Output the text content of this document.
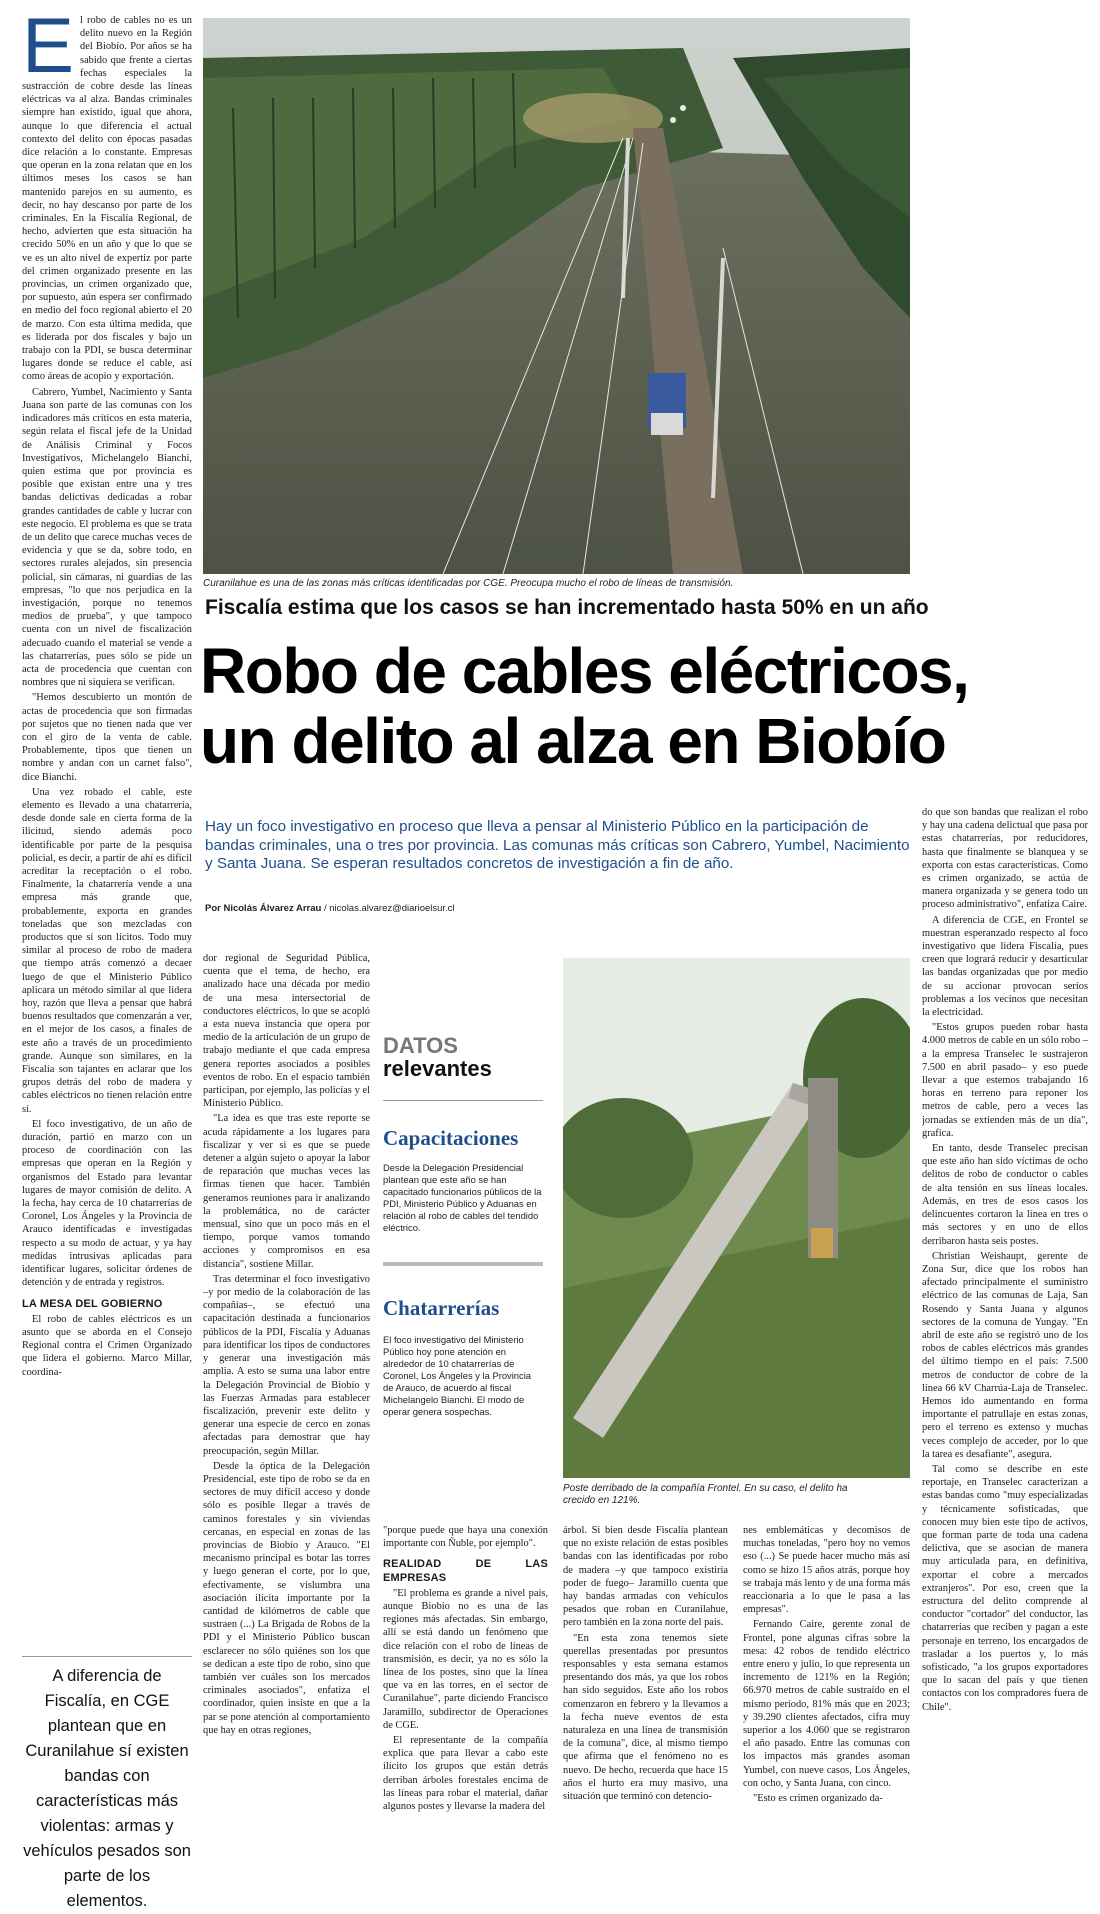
Curanilahue es una de las zonas más críticas identificadas por CGE. Preocupa mucho el robo de líneas de transmisión.
Fiscalía estima que los casos se han incrementado hasta 50% en un año
Robo de cables eléctricos,
un delito al alza en Biobío
Hay un foco investigativo en proceso que lleva a pensar al Ministerio Público en la participación de bandas criminales, una o tres por provincia. Las comunas más críticas son Cabrero, Yumbel, Nacimiento y Santa Juana. Se esperan resultados concretos de investigación a fin de año.
Por Nicolás Álvarez Arrau / nicolas.alvarez@diarioelsur.cl
E l robo de cables no es un delito nuevo en la Región del Biobío. Por años se ha sabido que frente a ciertas fechas especiales la sustracción de cobre desde las líneas eléctricas va al alza. Bandas criminales siempre han existido, igual que ahora, aunque lo que diferencia el actual contexto del delito con épocas pasadas dice relación a lo constante. Empresas que operan en la zona relatan que en los últimos meses los casos se han mantenido parejos en su aumento, es decir, no hay descanso por parte de los criminales. En la Fiscalía Regional, de hecho, advierten que esta situación ha crecido 50% en un año y que lo que se ve es un alto nivel de expertiz por parte del crimen organizado presente en las provincias, un crimen organizado que, por supuesto, aún espera ser confirmado en medio del foco regional abierto el 20 de marzo. Con esta última medida, que es liderada por dos fiscales y bajo un trabajo con la PDI, se busca determinar lugares donde se reduce el cable, así como áreas de acopio y exportación.

Cabrero, Yumbel, Nacimiento y Santa Juana son parte de las comunas con los indicadores más críticos en esta materia, según relata el fiscal jefe de la Unidad de Análisis Criminal y Focos Investigativos, Michelangelo Bianchi, quien estima que por provincia es posible que existan entre una y tres bandas delictivas dedicadas a robar grandes cantidades de cable y lucrar con este negocio. El problema es que se trata de un delito que carece muchas veces de evidencia y que se da, sobre todo, en sectores rurales alejados, sin presencia policial, sin cámaras, ni guardias de las empresas, "lo que nos perjudica en la investigación, porque no tenemos medios de prueba", y que tampoco cuenta con un nivel de fiscalización adecuado cuando el material se vende a las chatarrerías, pues sólo se pide un acta de procedencia que cuentan con nombres que ni siquiera se verifican.

"Hemos descubierto un montón de actas de procedencia que son firmadas por sujetos que no tienen nada que ver con el giro de la venta de cable. Probablemente, tipos que tienen un nombre y andan con un carnet falso", dice Bianchi.

Una vez robado el cable, este elemento es llevado a una chatarrería, desde donde sale en cierta forma de la ilicitud, siendo además poco identificable por parte de la pesquisa policial, es decir, a partir de ahí es difícil acreditar la receptación o el robo. Finalmente, la chatarrería vende a una empresa más grande que, probablemente, exporta en grandes toneladas que son mezcladas con productos que sí son lícitos. Todo muy similar al proceso de robo de madera que tiempo atrás comenzó a decaer luego de que el Ministerio Público aplicara un método similar al que lidera hoy, razón que lleva a pensar que habrá buenos resultados que comenzarán a ver, en el mejor de los casos, a finales de este año a través de un procedimiento grande. Aunque son similares, en la Fiscalía son tajantes en aclarar que los grupos detrás del robo de madera y cables eléctricos no tienen relación entre sí.

El foco investigativo, de un año de duración, partió en marzo con un proceso de coordinación con las empresas que operan en la Región y organismos del Estado para levantar lugares de mayor comisión de delito. A la fecha, hay cerca de 10 chatarrerías de Coronel, Los Ángeles y la Provincia de Arauco identificadas e investigadas respecto a su modo de actuar, y ya hay medidas intrusivas aplicadas para identificar lugares, solicitar órdenes de detención y de entrada y registros.

LA MESA DEL GOBIERNO

El robo de cables eléctricos es un asunto que se aborda en el Consejo Regional contra el Crimen Organizado que lidera el gobierno. Marco Millar, coordina-

A diferencia de Fiscalía, en CGE plantean que en Curanilahue sí existen bandas con características más violentas: armas y vehículos pesados son parte de los elementos.

dor regional de Seguridad Pública, cuenta que el tema, de hecho, era analizado hace una década por medio de una mesa intersectorial de conductores eléctricos, lo que se acopló a esta nueva instancia que opera por medio de la articulación de un grupo de trabajo mediante el que cada empresa genera reportes asociados a posibles eventos de robo. En el espacio también participan, por ejemplo, las policías y el Ministerio Público.

"La idea es que tras este reporte se acuda rápidamente a los lugares para fiscalizar y ver si es que se puede detener a algún sujeto o apoyar la labor de reparación que muchas veces las firmas tienen que hacer. También generamos reuniones para ir analizando la problemática, no de carácter mensual, sino que un poco más en el tiempo, porque vamos tomando acciones y compromisos en esa distancia", sostiene Millar.

Tras determinar el foco investigativo –y por medio de la colaboración de las compañías–, se efectuó una capacitación destinada a funcionarios públicos de la PDI, Fiscalía y Aduanas para identificar los tipos de conductores y generar una investigación más amplia. A esto se suma una labor entre la Delegación Provincial de Biobío y las Fuerzas Armadas para establecer fiscalización, prevenir este delito y generar una especie de cerco en zonas afectadas para demostrar que hay preocupación, según Millar.

Desde la óptica de la Delegación Presidencial, este tipo de robo se da en sectores de muy difícil acceso y donde sólo es posible llegar a través de caminos forestales y sin viviendas cercanas, en especial en zonas de las provincias de Biobío y Arauco. "El mecanismo principal es botar las torres y luego generan el corte, por lo que, efectivamente, se vislumbra una asociación ilícita importante por la cantidad de kilómetros de cable que sustraen (...) La Brigada de Robos de la PDI y el Ministerio Público buscan esclarecer no sólo quiénes son los que se dedican a este tipo de robo, sino que también ver cuáles son los mercados criminales asociados", enfatiza el coordinador, quien insiste en que a la par se pone atención al comportamiento que hay en otras regiones,

DATOS
relevantes
Capacitaciones
Desde la Delegación Presidencial plantean que este año se han capacitado funcionarios públicos de la PDI, Ministerio Público y Aduanas en relación al robo de cables del tendido eléctrico.
Chatarrerías
El foco investigativo del Ministerio Público hoy pone atención en alrededor de 10 chatarrerías de Coronel, Los Ángeles y la Provincia de Arauco, de acuerdo al fiscal Michelangelo Bianchi. El modo de operar genera sospechas.
Poste derribado de la compañía Frontel. En su caso, el delito ha crecido en 121%.

"porque puede que haya una conexión importante con Ñuble, por ejemplo".

REALIDAD DE LAS EMPRESAS

"El problema es grande a nivel país, aunque Biobío no es una de las regiones más afectadas. Sin embargo, allí se está dando un fenómeno que dice relación con el robo de líneas de transmisión, es decir, ya no es sólo la línea de los postes, sino que la línea que va en las torres, en el sector de Curanilahue", parte diciendo Francisco Jaramillo, subdirector de Operaciones de CGE.

El representante de la compañía explica que para llevar a cabo este ilícito los grupos que están detrás derriban árboles forestales encima de las líneas para robar el material, dañar algunos postes y llevarse la madera del

árbol. Si bien desde Fiscalía plantean que no existe relación de estas posibles bandas con las identificadas por robo de madera –y que tampoco existiría poder de fuego– Jaramillo cuenta que hay bandas armadas con vehículos pesados que roban en Curanilahue, pero también en la zona norte del país.

"En esta zona tenemos siete querellas presentadas por presuntos responsables y esta semana estamos presentando dos más, ya que los robos han sido seguidos. Este año los robos comenzaron en febrero y la llevamos a la fecha nueve eventos de esta naturaleza en una línea de transmisión de la comuna", dice, al mismo tiempo que afirma que el fenómeno no es nuevo. De hecho, recuerda que hace 15 años el hurto era muy masivo, una situación que terminó con detencio-

nes emblemáticas y decomisos de muchas toneladas, "pero hoy no vemos eso (...) Se puede hacer mucho más así como se hizo 15 años atrás, porque hoy se trabaja más lento y de una forma más reaccionaria a lo que le pasa a las empresas".

Fernando Caire, gerente zonal de Frontel, pone algunas cifras sobre la mesa: 42 robos de tendido eléctrico entre enero y julio, lo que representa un incremento de 121% en la Región; 66.970 metros de cable sustraído en el mismo período, 81% más que en 2023; y 39.290 clientes afectados, cifra muy superior a los 4.060 que se registraron el año pasado. Entre las comunas con los impactos más grandes asoman Yumbel, con nueve casos, Los Ángeles, con ocho, y Santa Juana, con cinco.

"Esto es crimen organizado da-

do que son bandas que realizan el robo y hay una cadena delictual que pasa por estas chatarrerías, por reducidores, hasta que finalmente se blanquea y se exporta con estas características. Como es crimen organizado, se actúa de manera organizada y se genera todo un proceso administrativo", enfatiza Caire.

A diferencia de CGE, en Frontel se muestran esperanzado respecto al foco investigativo que lidera Fiscalía, pues creen que logrará reducir y desarticular las bandas organizadas que por medio de su accionar provocan serios problemas a los vecinos que necesitan la electricidad.

"Estos grupos pueden robar hasta 4.000 metros de cable en un sólo robo –a la empresa Transelec le sustrajeron 7.500 en abril pasado– y eso puede llevar a que estemos trabajando 16 horas en terreno para reponer los metros de cable, pero a veces las jornadas se extienden más de un día", grafica.

En tanto, desde Transelec precisan que este año han sido víctimas de ocho delitos de robo de conductor o cables de alta tensión en sus líneas locales. Además, en tres de esos casos los delincuentes cortaron la línea en tres o más sectores y en uno de ellos derribaron hasta seis postes.

Christian Weishaupt, gerente de Zona Sur, dice que los robos han afectado principalmente el suministro eléctrico de las comunas de Laja, San Rosendo y Santa Juana y algunos sectores de la comuna de Yungay. "En abril de este año se registró uno de los robos de cables eléctricos más grandes del último tiempo en el país: 7.500 metros de conductor de cobre de la línea 66 kV Charrúa-Laja de Transelec. Hemos ido aumentando en forma importante el patrullaje en estas zonas, pero el terreno es extenso y muchas veces complejo de acceder, por lo que la tarea es desafiante", asegura.

Tal como se describe en este reportaje, en Transelec caracterizan a estas bandas como "muy especializadas y técnicamente sofisticadas, que conocen muy bien este tipo de activos, que forman parte de toda una cadena delictiva, que se asocian de manera muy articulada para, en definitiva, exportar el cobre a mercados extranjeros". Por eso, creen que la estructura del delito comprende al conductor "cortador" del conductor, las chatarrerías que reciben y pagan a este personaje en terreno, los encargados de trasladar a los puertos y, lo más sofisticado, "a los grupos exportadores que lo sacan del país y que tienen contactos con los compradores fuera de Chile".
